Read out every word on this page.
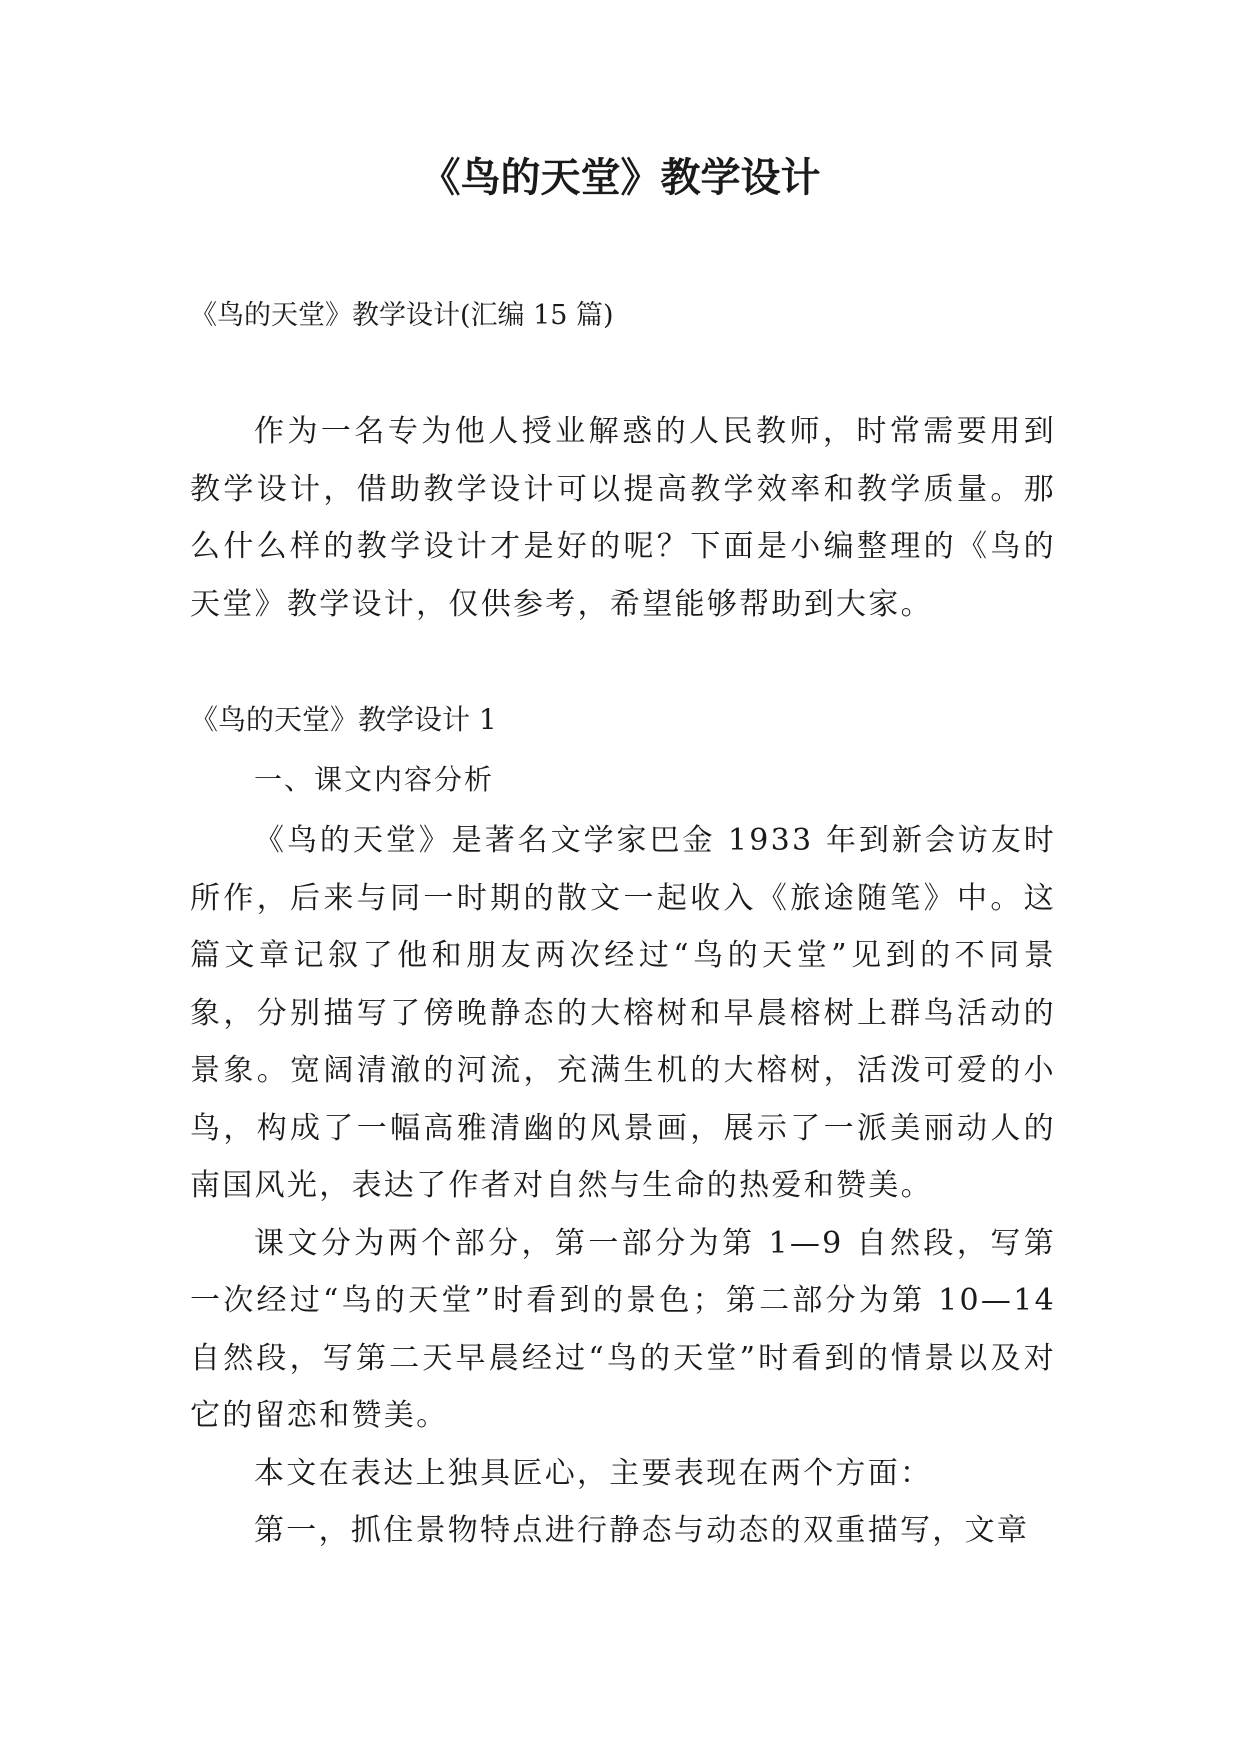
《鸟的天堂》教学设计

《鸟的天堂》教学设计(汇编 15 篇)

作为一名专为他人授业解惑的人民教师，时常需要用到教学设计，借助教学设计可以提高教学效率和教学质量。那么什么样的教学设计才是好的呢？下面是小编整理的《鸟的天堂》教学设计，仅供参考，希望能够帮助到大家。

《鸟的天堂》教学设计 1

一、课文内容分析

《鸟的天堂》是著名文学家巴金 1933 年到新会访友时所作，后来与同一时期的散文一起收入《旅途随笔》中。这篇文章记叙了他和朋友两次经过“鸟的天堂”见到的不同景象，分别描写了傍晚静态的大榕树和早晨榕树上群鸟活动的景象。宽阔清澈的河流，充满生机的大榕树，活泼可爱的小鸟，构成了一幅高雅清幽的风景画，展示了一派美丽动人的南国风光，表达了作者对自然与生命的热爱和赞美。

课文分为两个部分，第一部分为第 1—9 自然段，写第一次经过“鸟的天堂”时看到的景色；第二部分为第 10—14 自然段，写第二天早晨经过“鸟的天堂”时看到的情景以及对它的留恋和赞美。

本文在表达上独具匠心，主要表现在两个方面：

第一，抓住景物特点进行静态与动态的双重描写，文章
